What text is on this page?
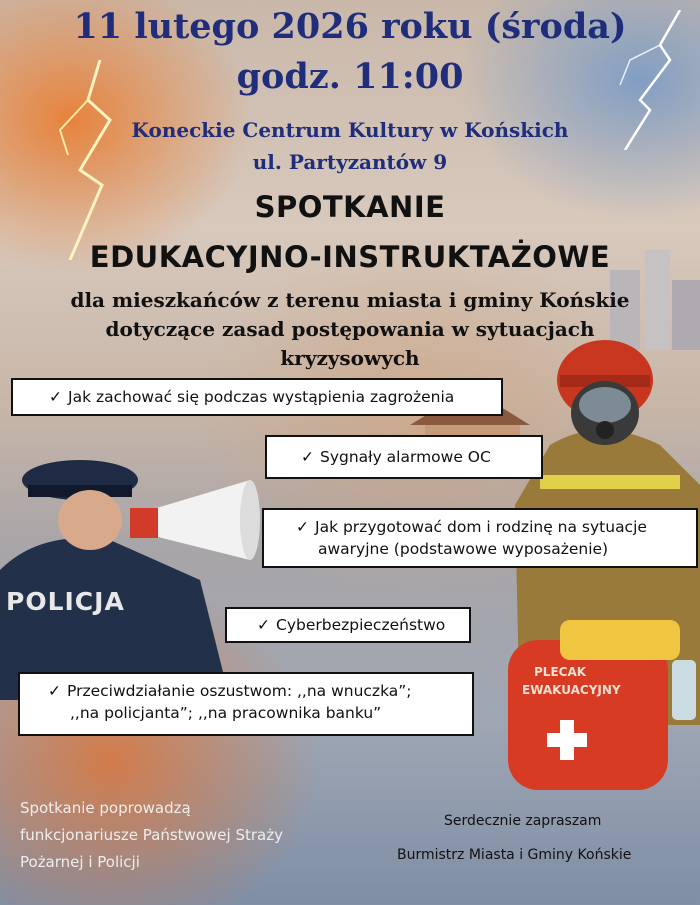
11 lutego 2026 roku (środa)
godz. 11:00

Koneckie Centrum Kultury w Końskich

ul. Partyzantów 9

SPOTKANIE
EDUKACYJNO-INSTRUKTAŻOWE

dla mieszkańców z terenu miasta i gminy Końskie dotyczące zasad postępowania w sytuacjach kryzysowych

POLICJA
PLECAK
EWAKUACYJNY
✓ Jak zachować się podczas wystąpienia zagrożenia
✓ Sygnały alarmowe OC
✓ Jak przygotować dom i rodzinę na sytuacje
awaryjne (podstawowe wyposażenie)
✓ Cyberbezpieczeństwo
✓ Przeciwdziałanie oszustwom: ,,na wnuczka”;
,,na policjanta”; ,,na pracownika banku”
Spotkanie poprowadzą
funkcjonariusze Państwowej Straży
Pożarnej i Policji

Serdecznie zapraszam

Burmistrz Miasta i Gminy Końskie
